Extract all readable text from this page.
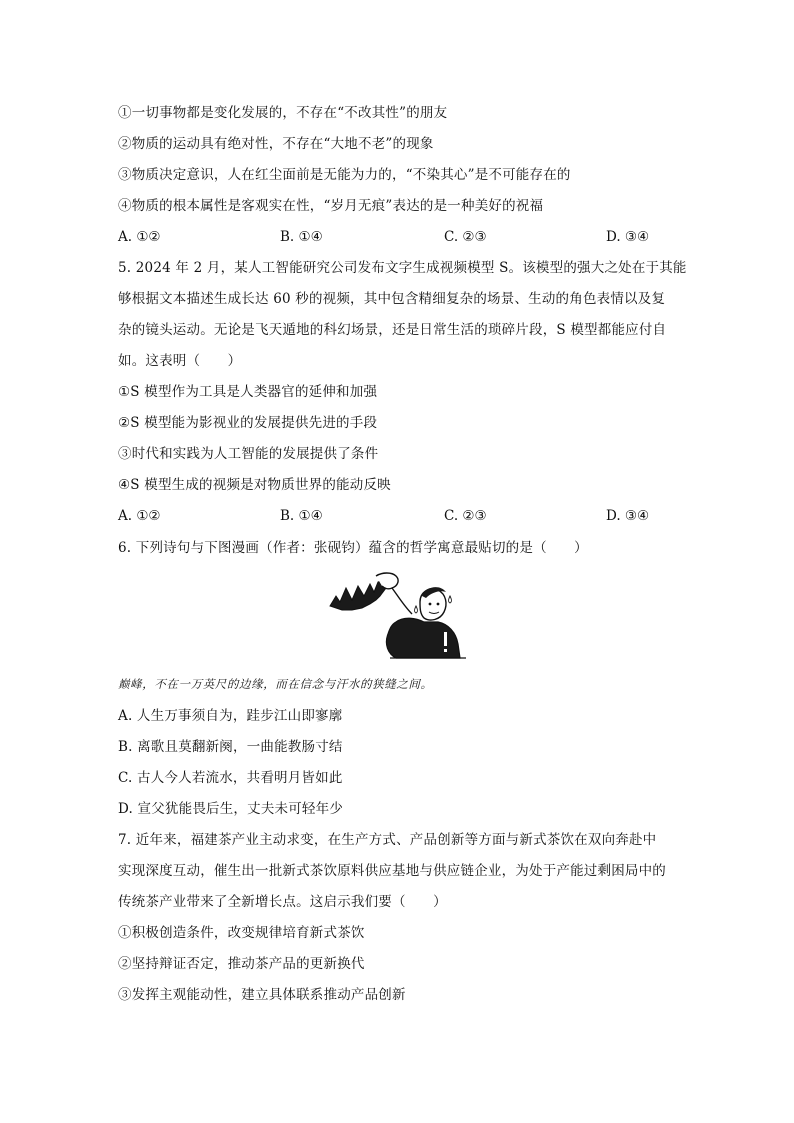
①一切事物都是变化发展的，不存在“不改其性”的朋友
②物质的运动具有绝对性，不存在“大地不老”的现象
③物质决定意识，人在红尘面前是无能为力的，“不染其心”是不可能存在的
④物质的根本属性是客观实在性，“岁月无痕”表达的是一种美好的祝福
A. ①②	B. ①④	C. ②③	D. ③④
5. 2024 年 2 月，某人工智能研究公司发布文字生成视频模型 S。该模型的强大之处在于其能
够根据文本描述生成长达 60 秒的视频，其中包含精细复杂的场景、生动的角色表情以及复
杂的镜头运动。无论是飞天遁地的科幻场景，还是日常生活的琐碎片段，S 模型都能应付自
如。这表明（　　）
①S 模型作为工具是人类器官的延伸和加强
②S 模型能为影视业的发展提供先进的手段
③时代和实践为人工智能的发展提供了条件
④S 模型生成的视频是对物质世界的能动反映
A. ①②	B. ①④	C. ②③	D. ③④
6. 下列诗句与下图漫画（作者：张砚钧）蕴含的哲学寓意最贴切的是（　　）
巅峰，不在一万英尺的边缘，而在信念与汗水的狭缝之间。
A. 人生万事须自为，跬步江山即寥廓
B. 离歌且莫翻新阕，一曲能教肠寸结
C. 古人今人若流水，共看明月皆如此
D. 宣父犹能畏后生，丈夫未可轻年少
7. 近年来，福建茶产业主动求变，在生产方式、产品创新等方面与新式茶饮在双向奔赴中
实现深度互动，催生出一批新式茶饮原料供应基地与供应链企业，为处于产能过剩困局中的
传统茶产业带来了全新增长点。这启示我们要（　　）
①积极创造条件，改变规律培育新式茶饮
②坚持辩证否定，推动茶产品的更新换代
③发挥主观能动性，建立具体联系推动产品创新
